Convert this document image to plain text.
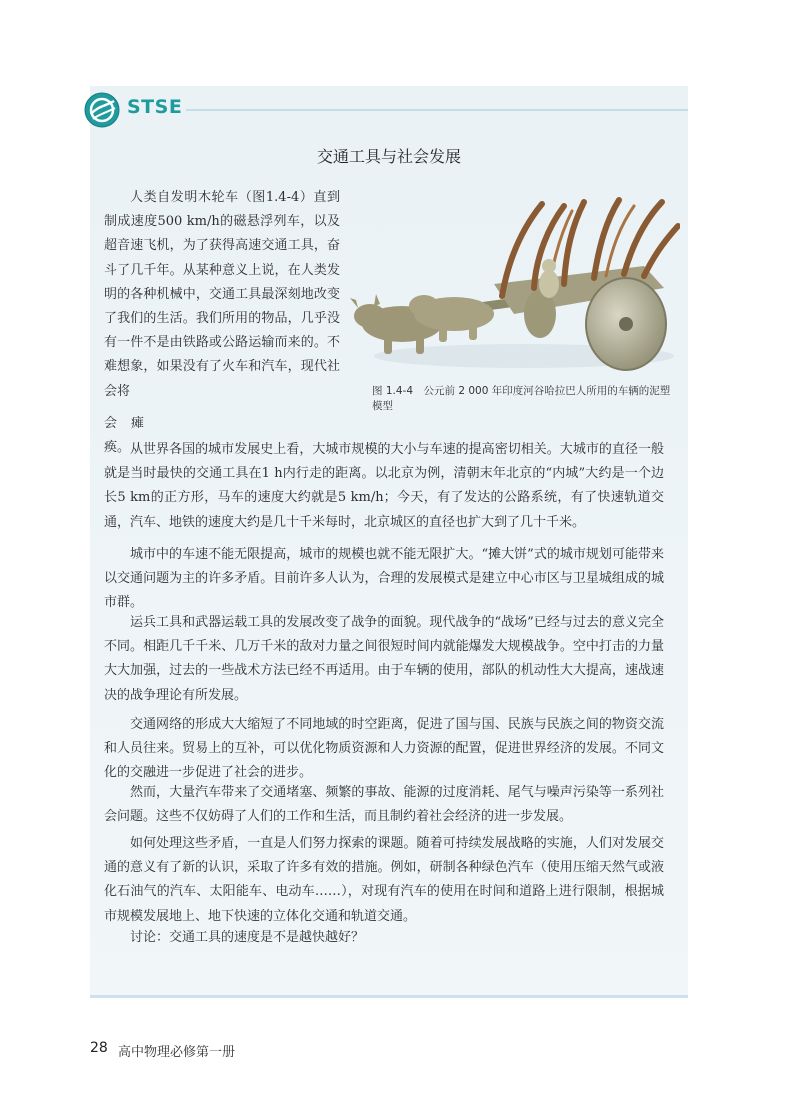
STSE
交通工具与社会发展

人类自发明木轮车（图1.4-4）直到制成速度500 km/h的磁悬浮列车，以及超音速飞机，为了获得高速交通工具，奋斗了几千年。从某种意义上说，在人类发明的各种机械中，交通工具最深刻地改变了我们的生活。我们所用的物品，几乎没有一件不是由铁路或公路运输而来的。不难想象，如果没有了火车和汽车，现代社会将

会瘫痪。

图 1.4-4　公元前 2 000 年印度河谷哈拉巴人所用的车辆的泥塑模型

从世界各国的城市发展史上看，大城市规模的大小与车速的提高密切相关。大城市的直径一般就是当时最快的交通工具在1 h内行走的距离。以北京为例，清朝末年北京的“内城”大约是一个边长5 km的正方形，马车的速度大约就是5 km/h；今天，有了发达的公路系统，有了快速轨道交通，汽车、地铁的速度大约是几十千米每时，北京城区的直径也扩大到了几十千米。

城市中的车速不能无限提高，城市的规模也就不能无限扩大。“摊大饼”式的城市规划可能带来以交通问题为主的许多矛盾。目前许多人认为，合理的发展模式是建立中心市区与卫星城组成的城市群。

运兵工具和武器运载工具的发展改变了战争的面貌。现代战争的“战场”已经与过去的意义完全不同。相距几千千米、几万千米的敌对力量之间很短时间内就能爆发大规模战争。空中打击的力量大大加强，过去的一些战术方法已经不再适用。由于车辆的使用，部队的机动性大大提高，速战速决的战争理论有所发展。

交通网络的形成大大缩短了不同地域的时空距离，促进了国与国、民族与民族之间的物资交流和人员往来。贸易上的互补，可以优化物质资源和人力资源的配置，促进世界经济的发展。不同文化的交融进一步促进了社会的进步。

然而，大量汽车带来了交通堵塞、频繁的事故、能源的过度消耗、尾气与噪声污染等一系列社会问题。这些不仅妨碍了人们的工作和生活，而且制约着社会经济的进一步发展。

如何处理这些矛盾，一直是人们努力探索的课题。随着可持续发展战略的实施，人们对发展交通的意义有了新的认识，采取了许多有效的措施。例如，研制各种绿色汽车（使用压缩天然气或液化石油气的汽车、太阳能车、电动车……），对现有汽车的使用在时间和道路上进行限制，根据城市规模发展地上、地下快速的立体化交通和轨道交通。

讨论：交通工具的速度是不是越快越好？

28 高中物理必修第一册
